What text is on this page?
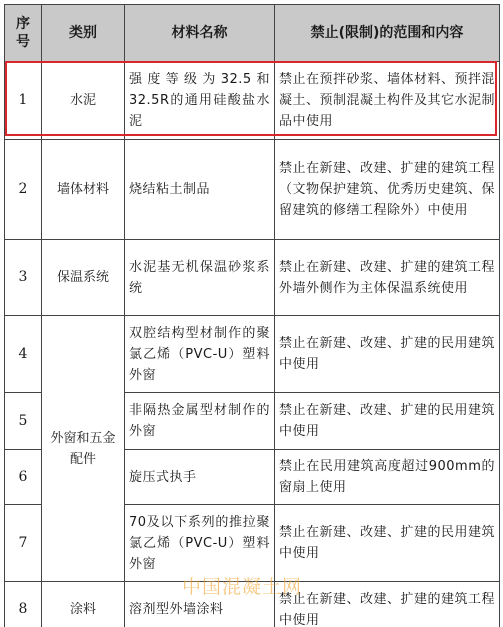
序号	类别	材料名称	禁止(限制)的范围和内容
1	水泥	强度等级为32.5和32.5R的通用硅酸盐水泥	禁止在预拌砂浆、墙体材料、预拌混凝土、预制混凝土构件及其它水泥制品中使用
2	墙体材料	烧结粘土制品	禁止在新建、改建、扩建的建筑工程（文物保护建筑、优秀历史建筑、保留建筑的修缮工程除外）中使用
3	保温系统	水泥基无机保温砂浆系统	禁止在新建、改建、扩建的建筑工程外墙外侧作为主体保温系统使用
4	外窗和五金配件	双腔结构型材制作的聚氯乙烯（PVC-U）塑料外窗	禁止在新建、改建、扩建的民用建筑中使用
5		非隔热金属型材制作的外窗	禁止在新建、改建、扩建的民用建筑中使用
6		旋压式执手	禁止在民用建筑高度超过900mm的窗扇上使用
7		70及以下系列的推拉聚氯乙烯（PVC-U）塑料外窗	禁止在新建、改建、扩建的民用建筑中使用
8	涂料	溶剂型外墙涂料	禁止在新建、改建、扩建的建筑工程中使用
中国混凝土网
